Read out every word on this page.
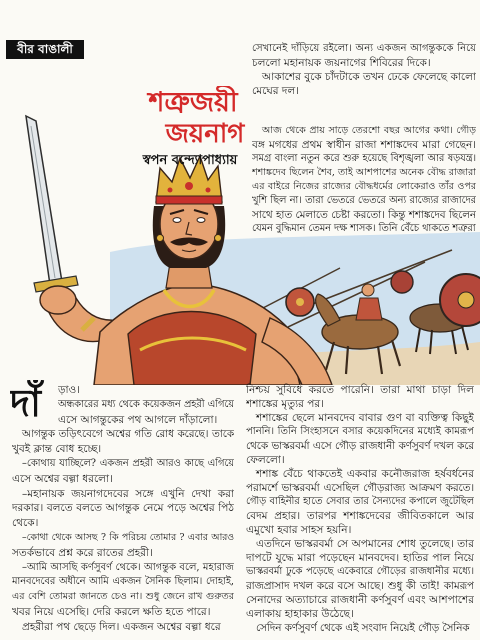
বীর বাঙালী
শত্রুজয়ী
জয়নাগ
স্বপন বন্দ্যোপাধ্যায়
সেখানেই দাঁড়িয়ে রইলো। অন্য একজন আগন্তুককে নিয়ে
চললো মহানায়ক জয়নাগের শিবিরের দিকে।
আকাশের বুকে চাঁদটাকে তখন ঢেকে ফেলেছে কালো
মেঘের দল।
আজ থেকে প্রায় সাড়ে তেরশো বছর আগের কথা। গৌড়
বঙ্গ মগধের প্রথম স্বাধীন রাজা শশাঙ্কদেব মারা গেছেন।
সমগ্র বাংলা নতুন করে শুরু হয়েছে বিশৃঙ্খলা আর ষড়যন্ত্র।
শশাঙ্কদেব ছিলেন শৈব, তাই আশপাশের অনেক বৌদ্ধ রাজারা
এর বাইরে নিজের রাজ্যের বৌদ্ধধর্মের লোকেরাও তাঁর ওপর
খুশি ছিল না। তারা ভেতরে ভেতরে অন্য রাজ্যের রাজাদের
সাথে হাত মেলাতে চেষ্টা করতো। কিন্তু শশাঙ্কদেব ছিলেন
যেমন বুদ্ধিমান তেমন দক্ষ শাসক। তিনি বেঁচে থাকতে শত্রুরা
দাঁ	ড়াও।
অন্ধকারের মধ্য থেকে কয়েকজন প্রহরী এগিয়ে
এসে আগন্তুকের পথ আগলে দাঁড়ালো।
আগন্তুক তড়িৎবেগে অশ্বের গতি রোধ করেছে। তাকে
খুবই ক্লান্ত বোধ হচ্ছে।
–কোথায় যাচ্ছিলে? একজন প্রহরী আরও কাছে এগিয়ে
এসে অশ্বের বল্গা ধরলো।
–মহানায়ক জয়নাগদেবের সঙ্গে এখুনি দেখা করা
দরকার। বলতে বলতে আগন্তুক নেমে পড়ে অশ্বের পিঠ
থেকে।
–কোথা থেকে আসছ ? কি পরিচয় তোমার ? এবার আরও
সতর্কভাবে প্রশ্ন করে রাতের প্রহরী।
–আমি আসছি কর্ণসুবর্ণ থেকে। আগন্তুক বলে, মহারাজ
মানবদেবের অধীনে আমি একজন সৈনিক ছিলাম। দোহাই,
এর বেশি তোমরা জানতে চেও না। শুধু জেনে রাখ গুরুতর
খবর নিয়ে এসেছি। দেরি করলে ক্ষতি হতে পারে।
প্রহরীরা পথ ছেড়ে দিল। একজন অশ্বের বল্গা ধরে
নিশ্চয় সুবিধে করতে পারেনি। তারা মাথা চাড়া দিল
শশাঙ্কের মৃত্যুর পর।
শশাঙ্কের ছেলে মানবদেব বাবার গুণ বা ব্যক্তিত্ব কিছুই
পাননি। তিনি সিংহাসনে বসার কয়েকদিনের মধ্যেই কামরূপ
থেকে ভাস্করবর্মা এসে গৌড় রাজধানী কর্ণসুবর্ণ দখল করে
ফেললো।
শশাঙ্ক বেঁচে থাকতেই একবার কনৌজরাজ হর্ষবর্ধনের
পরামর্শে ভাস্করবর্মা এসেছিল গৌড়রাজ্য আক্রমণ করতে।
গৌড় বাহিনীর হাতে সেবার তার সৈন্যদের কপালে জুটেছিল
বেদম প্রহার। তারপর শশাঙ্কদেবের জীবিতকালে আর
এমুখো হবার সাহস হয়নি।
এতদিনে ভাস্করবর্মা সে অপমানের শোধ তুলেছে। তার
দাপটে যুদ্ধে মারা পড়েছেন মানবদেব। হাতির পাল নিয়ে
ভাস্করবর্মা ঢুকে পড়েছে একেবারে গৌড়ের রাজধানীর মধ্যে।
রাজপ্রাসাদ দখল করে বসে আছে। শুধু কী তাই! কামরূপ
সেনাদের অত্যাচারে রাজধানী কর্ণসুবর্ণ এবং আশপাশের
এলাকায় হাহাকার উঠেছে।
সেদিন কর্ণসুবর্ণ থেকে এই সংবাদ নিয়েই গৌড় সৈনিক
